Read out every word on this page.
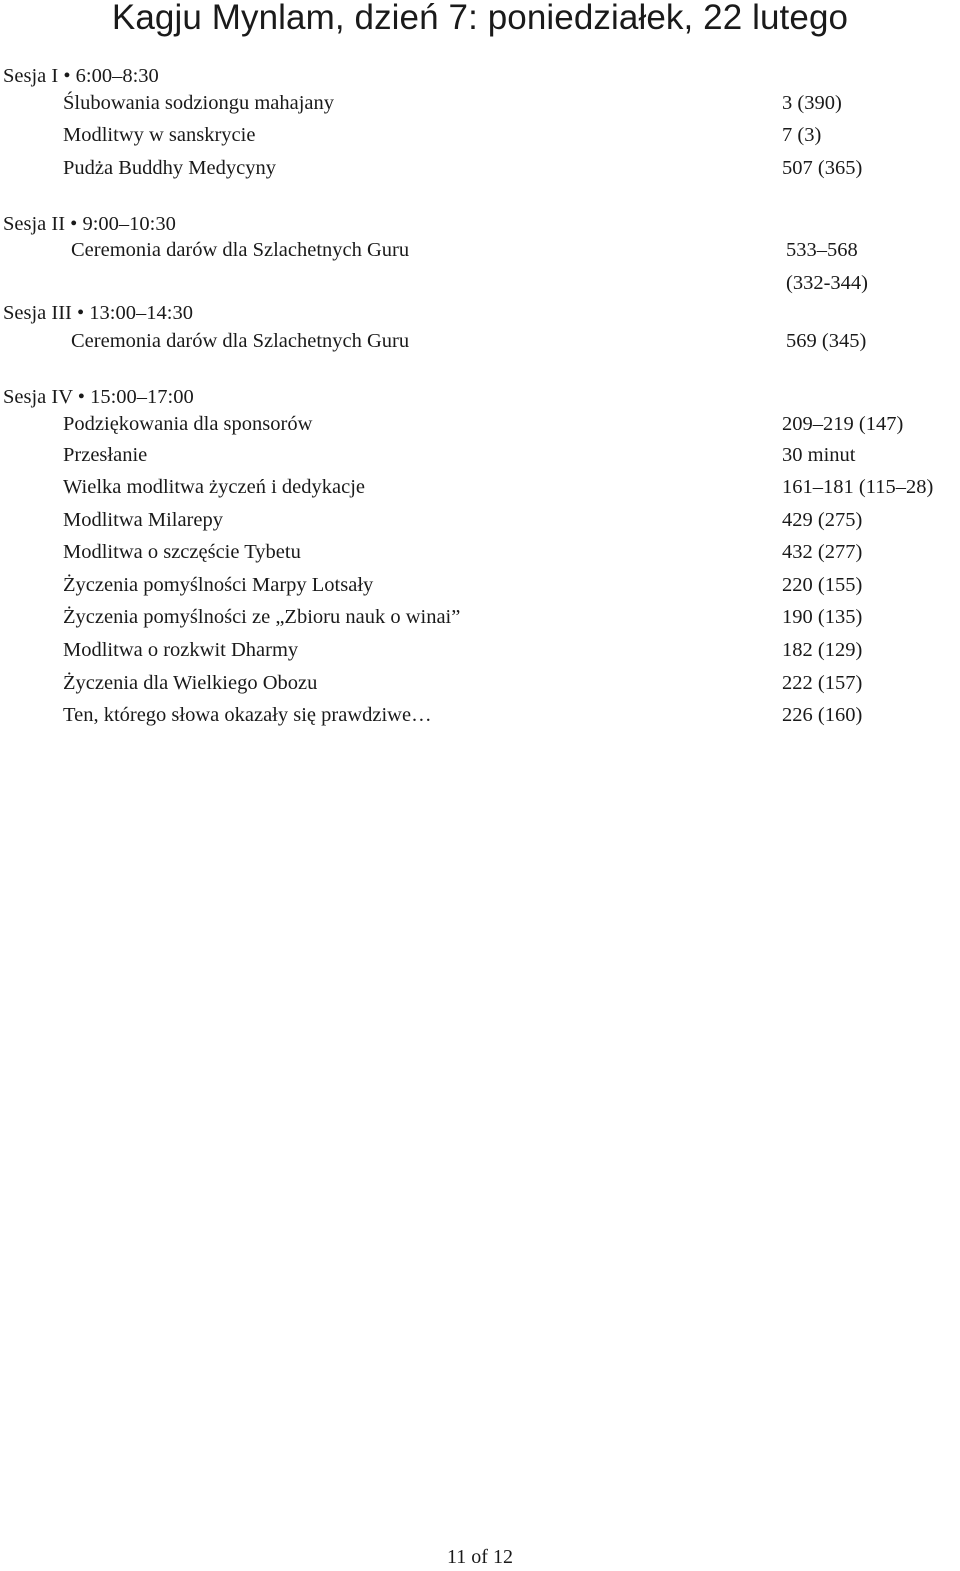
Kagju Mynlam, dzień 7: poniedziałek, 22 lutego
Sesja I • 6:00–8:30
Ślubowania sodziongu mahajany	3 (390)
Modlitwy w sanskrycie	7 (3)
Pudża Buddhy Medycyny	507 (365)
Sesja II • 9:00–10:30
Ceremonia darów dla Szlachetnych Guru	533–568
(332-344)
Sesja III • 13:00–14:30
Ceremonia darów dla Szlachetnych Guru	569 (345)
Sesja IV • 15:00–17:00
Podziękowania dla sponsorów	209–219 (147)
Przesłanie	30 minut
Wielka modlitwa życzeń i dedykacje	161–181 (115–28)
Modlitwa Milarepy	429 (275)
Modlitwa o szczęście Tybetu	432 (277)
Życzenia pomyślności Marpy Lotsały	220 (155)
Życzenia pomyślności ze „Zbioru nauk o winai”	190 (135)
Modlitwa o rozkwit Dharmy	182 (129)
Życzenia dla Wielkiego Obozu	222 (157)
Ten, którego słowa okazały się prawdziwe…	226 (160)
11 of 12
